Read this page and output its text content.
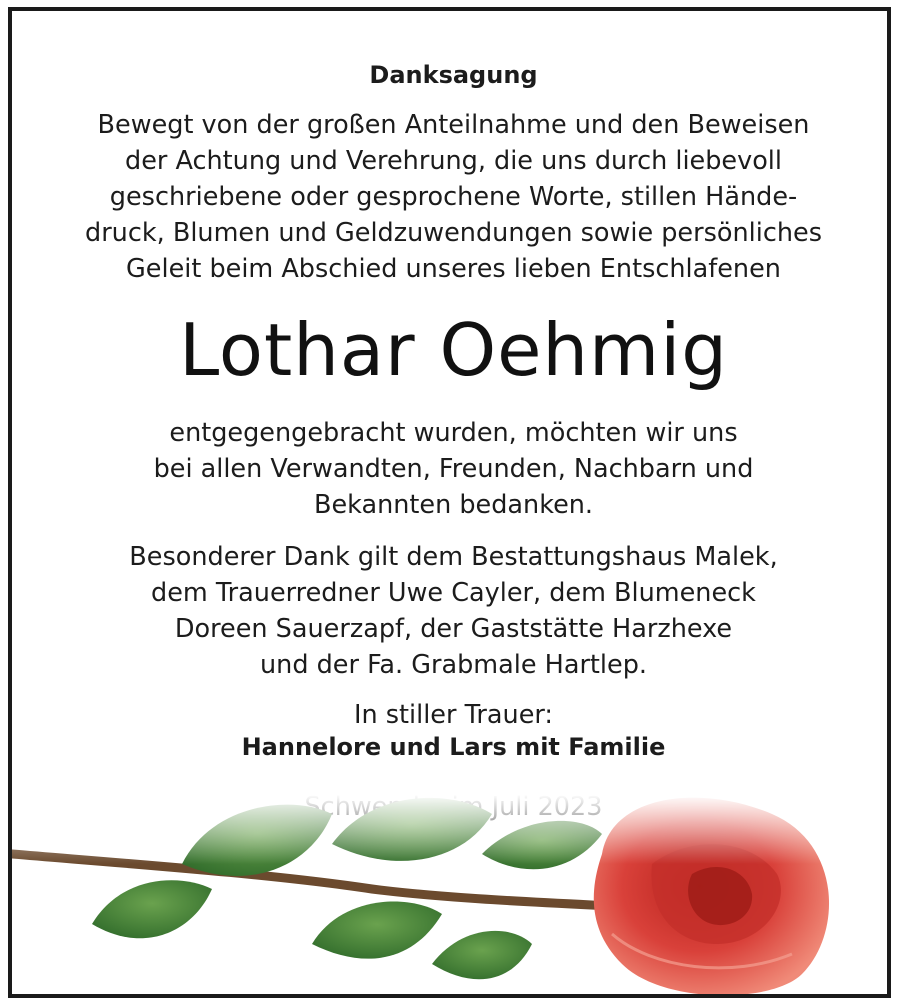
Danksagung
Bewegt von der großen Anteilnahme und den Beweisen
der Achtung und Verehrung, die uns durch liebevoll
geschriebene oder gesprochene Worte, stillen Hände-
druck, Blumen und Geldzuwendungen sowie persönliches
Geleit beim Abschied unseres lieben Entschlafenen
Lothar Oehmig
entgegengebracht wurden, möchten wir uns
bei allen Verwandten, Freunden, Nachbarn und
Bekannten bedanken.
Besonderer Dank gilt dem Bestattungshaus Malek,
dem Trauerredner Uwe Cayler, dem Blumeneck
Doreen Sauerzapf, der Gaststätte Harzhexe
und der Fa. Grabmale Hartlep.
In stiller Trauer:
Hannelore und Lars mit Familie
